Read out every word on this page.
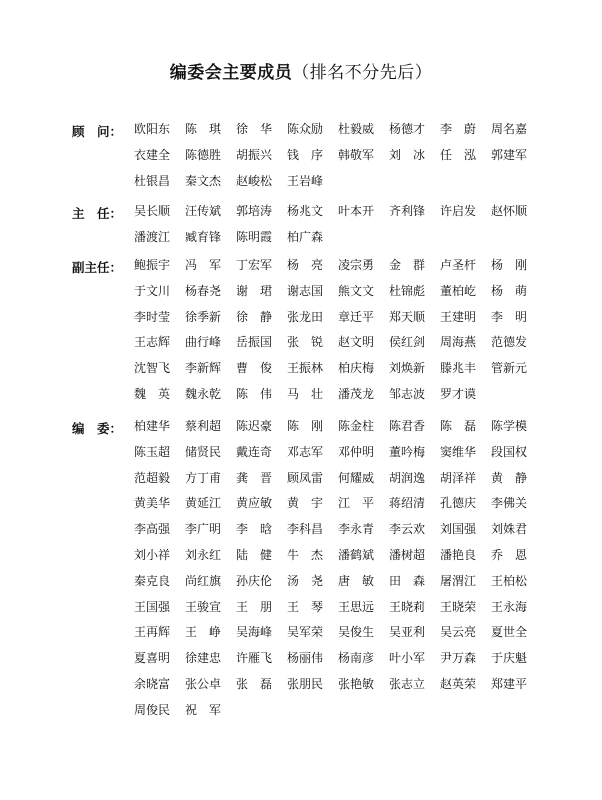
编委会主要成员（排名不分先后）
顾　问： 欧阳东	陈　琪	徐　华	陈众励	杜毅威	杨德才	李　蔚	周名嘉
衣建全	陈德胜	胡振兴	钱　序	韩敬军	刘　冰	任　泓	郭建军
杜银昌	秦文杰	赵峻松	王岩峰
主　任： 吴长顺	汪传斌	郭培涛	杨兆文	叶本开	齐利锋	许启发	赵怀顺
潘渡江	臧育锋	陈明霞	柏广森
副主任： 鲍振宇	冯　军	丁宏军	杨　亮	凌宗勇	金　群	卢圣杆	杨　刚
于文川	杨春尧	谢　珺	谢志国	熊文文	杜锦彪	董柏屹	杨　萌
李时莹	徐季新	徐　静	张龙田	章迁平	郑天顺	王建明	李　明
王志辉	曲行峰	岳振国	张　锐	赵文明	侯红剑	周海燕	范德发
沈智飞	李新辉	曹　俊	王振林	柏庆梅	刘焕新	滕兆丰	管新元
魏　英	魏永乾	陈　伟	马　壮	潘茂龙	邹志波	罗才谟
编　委： 柏建华	蔡利超	陈迟豪	陈　刚	陈金柱	陈君香	陈　磊	陈学模
陈玉超	储贤民	戴连奇	邓志军	邓仲明	董吟梅	窦维华	段国权
范超毅	方丁甫	龚　晋	顾凤雷	何耀威	胡润逸	胡泽祥	黄　静
黄美华	黄延江	黄应敏	黄　宇	江　平	蒋绍清	孔德庆	李佛关
李高强	李广明	李　晗	李科昌	李永青	李云欢	刘国强	刘姝君
刘小祥	刘永红	陆　健	牛　杰	潘鹤斌	潘树超	潘艳良	乔　恩
秦克良	尚红旗	孙庆伦	汤　尧	唐　敏	田　森	屠渭江	王柏松
王国强	王骏宣	王　朋	王　琴	王思远	王晓莉	王晓荣	王永海
王再辉	王　峥	吴海峰	吴军荣	吴俊生	吴亚利	吴云亮	夏世全
夏喜明	徐建忠	许雁飞	杨丽伟	杨南彦	叶小军	尹万森	于庆魁
余晓富	张公卓	张　磊	张朋民	张艳敏	张志立	赵英荣	郑建平
周俊民	祝　军
